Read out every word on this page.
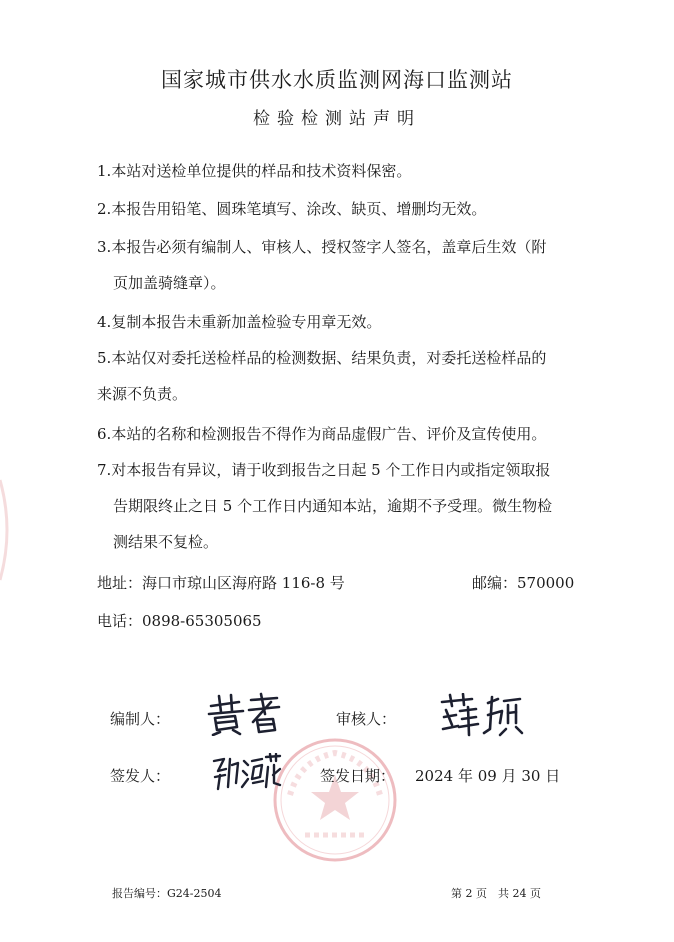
国家城市供水水质监测网海口监测站
检验检测站声明
1.本站对送检单位提供的样品和技术资料保密。
2.本报告用铅笔、圆珠笔填写、涂改、缺页、增删均无效。
3.本报告必须有编制人、审核人、授权签字人签名，盖章后生效（附
页加盖骑缝章）。
4.复制本报告未重新加盖检验专用章无效。
5.本站仅对委托送检样品的检测数据、结果负责，对委托送检样品的
来源不负责。
6.本站的名称和检测报告不得作为商品虚假广告、评价及宣传使用。
7.对本报告有异议，请于收到报告之日起 5 个工作日内或指定领取报
告期限终止之日 5 个工作日内通知本站，逾期不予受理。微生物检
测结果不复检。
地址：海口市琼山区海府路 116-8 号	邮编：570000
电话：0898-65305065
编制人：	审核人：
签发人：	签发日期： 2024 年 09 月 30 日
报告编号：G24-2504	第 2 页　共 24 页
